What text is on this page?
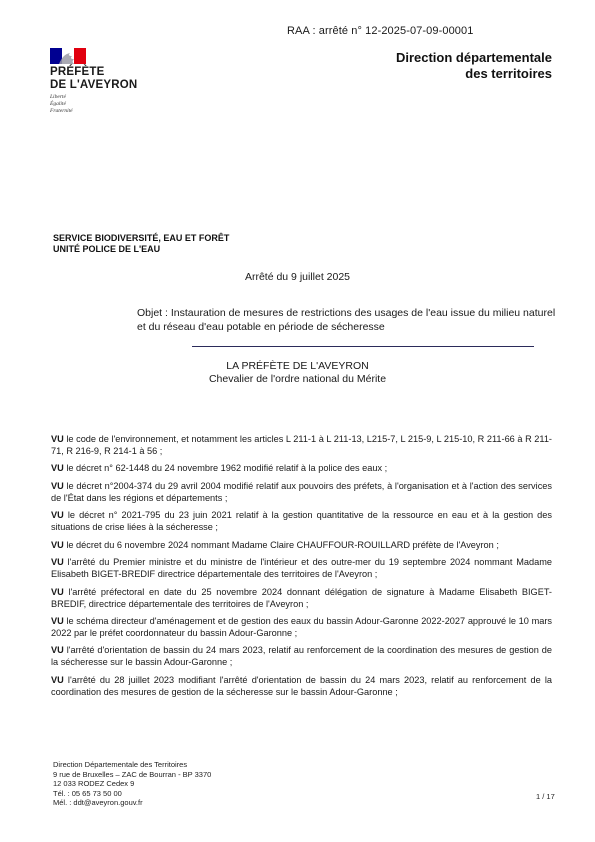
RAA : arrêté n° 12-2025-07-09-00001
PRÉFÈTE
DE L'AVEYRON
Liberté
Égalité
Fraternité
Direction départementale
des territoires
SERVICE BIODIVERSITÉ, EAU ET FORÊT
UNITÉ POLICE DE L'EAU
Arrêté du 9 juillet 2025
Objet : Instauration de mesures de restrictions des usages de l'eau issue du milieu naturel et du réseau d'eau potable en période de sécheresse
LA PRÉFÈTE DE L'AVEYRON
Chevalier de l'ordre national du Mérite

VU le code de l'environnement, et notamment les articles L 211-1 à L 211-13, L215-7, L 215-9, L 215-10, R 211-66 à R 211-71, R 216-9, R 214-1 à 56 ;

VU le décret n° 62-1448 du 24 novembre 1962 modifié relatif à la police des eaux ;

VU le décret n°2004-374 du 29 avril 2004 modifié relatif aux pouvoirs des préfets, à l'organisation et à l'action des services de l'État dans les régions et départements ;

VU le décret n° 2021-795 du 23 juin 2021 relatif à la gestion quantitative de la ressource en eau et à la gestion des situations de crise liées à la sécheresse ;

VU le décret du 6 novembre 2024 nommant Madame Claire CHAUFFOUR-ROUILLARD préfète de l'Aveyron ;

VU l'arrêté du Premier ministre et du ministre de l'intérieur et des outre-mer du 19 septembre 2024 nommant Madame Elisabeth BIGET-BREDIF directrice départementale des territoires de l'Aveyron ;

VU l'arrêté préfectoral en date du 25 novembre 2024 donnant délégation de signature à Madame Elisabeth BIGET-BREDIF, directrice départementale des territoires de l'Aveyron ;

VU le schéma directeur d'aménagement et de gestion des eaux du bassin Adour-Garonne 2022-2027 approuvé le 10 mars 2022 par le préfet coordonnateur du bassin Adour-Garonne ;

VU l'arrêté d'orientation de bassin du 24 mars 2023, relatif au renforcement de la coordination des mesures de gestion de la sécheresse sur le bassin Adour-Garonne ;

VU l'arrêté du 28 juillet 2023 modifiant l'arrêté d'orientation de bassin du 24 mars 2023, relatif au renforcement de la coordination des mesures de gestion de la sécheresse sur le bassin Adour-Garonne ;

Direction Départementale des Territoires
9 rue de Bruxelles – ZAC de Bourran - BP 3370
12 033 RODEZ Cedex 9
Tél. : 05 65 73 50 00
Mél. : ddt@aveyron.gouv.fr
1 / 17
